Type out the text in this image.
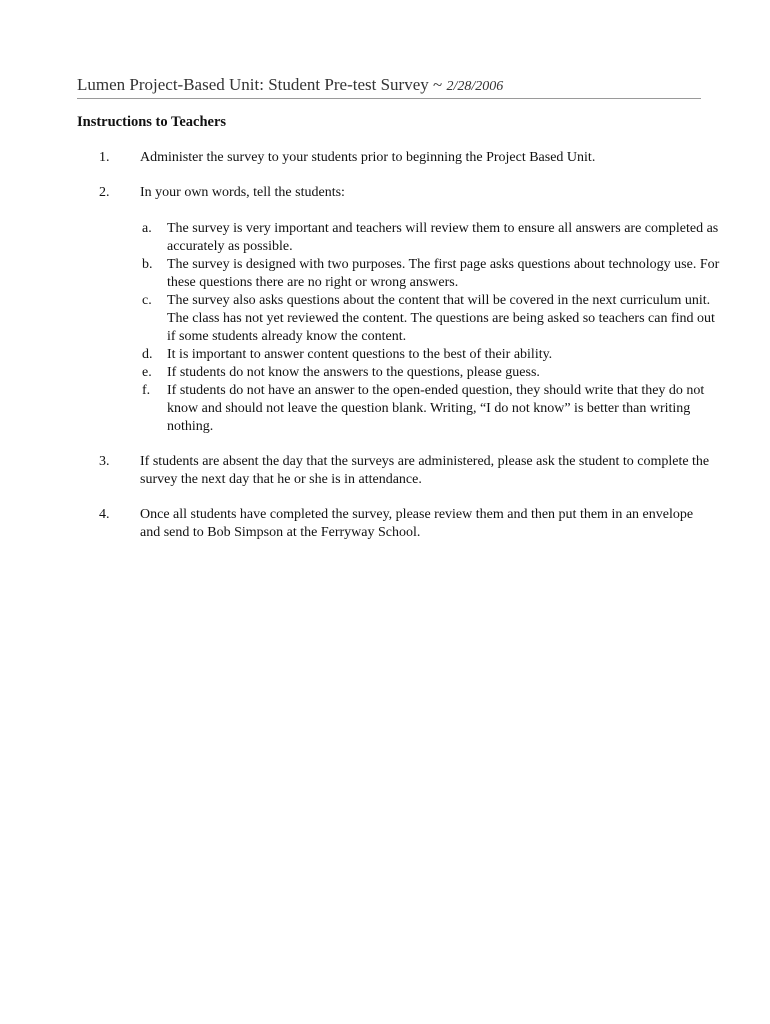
Lumen Project-Based Unit: Student Pre-test Survey ~ 2/28/2006
Instructions to Teachers
1. Administer the survey to your students prior to beginning the Project Based Unit.
2. In your own words, tell the students:
a. The survey is very important and teachers will review them to ensure all answers are completed as accurately as possible.
b. The survey is designed with two purposes. The first page asks questions about technology use. For these questions there are no right or wrong answers.
c. The survey also asks questions about the content that will be covered in the next curriculum unit. The class has not yet reviewed the content. The questions are being asked so teachers can find out if some students already know the content.
d. It is important to answer content questions to the best of their ability.
e. If students do not know the answers to the questions, please guess.
f. If students do not have an answer to the open-ended question, they should write that they do not know and should not leave the question blank. Writing, “I do not know” is better than writing nothing.
3. If students are absent the day that the surveys are administered, please ask the student to complete the survey the next day that he or she is in attendance.
4. Once all students have completed the survey, please review them and then put them in an envelope and send to Bob Simpson at the Ferryway School.
